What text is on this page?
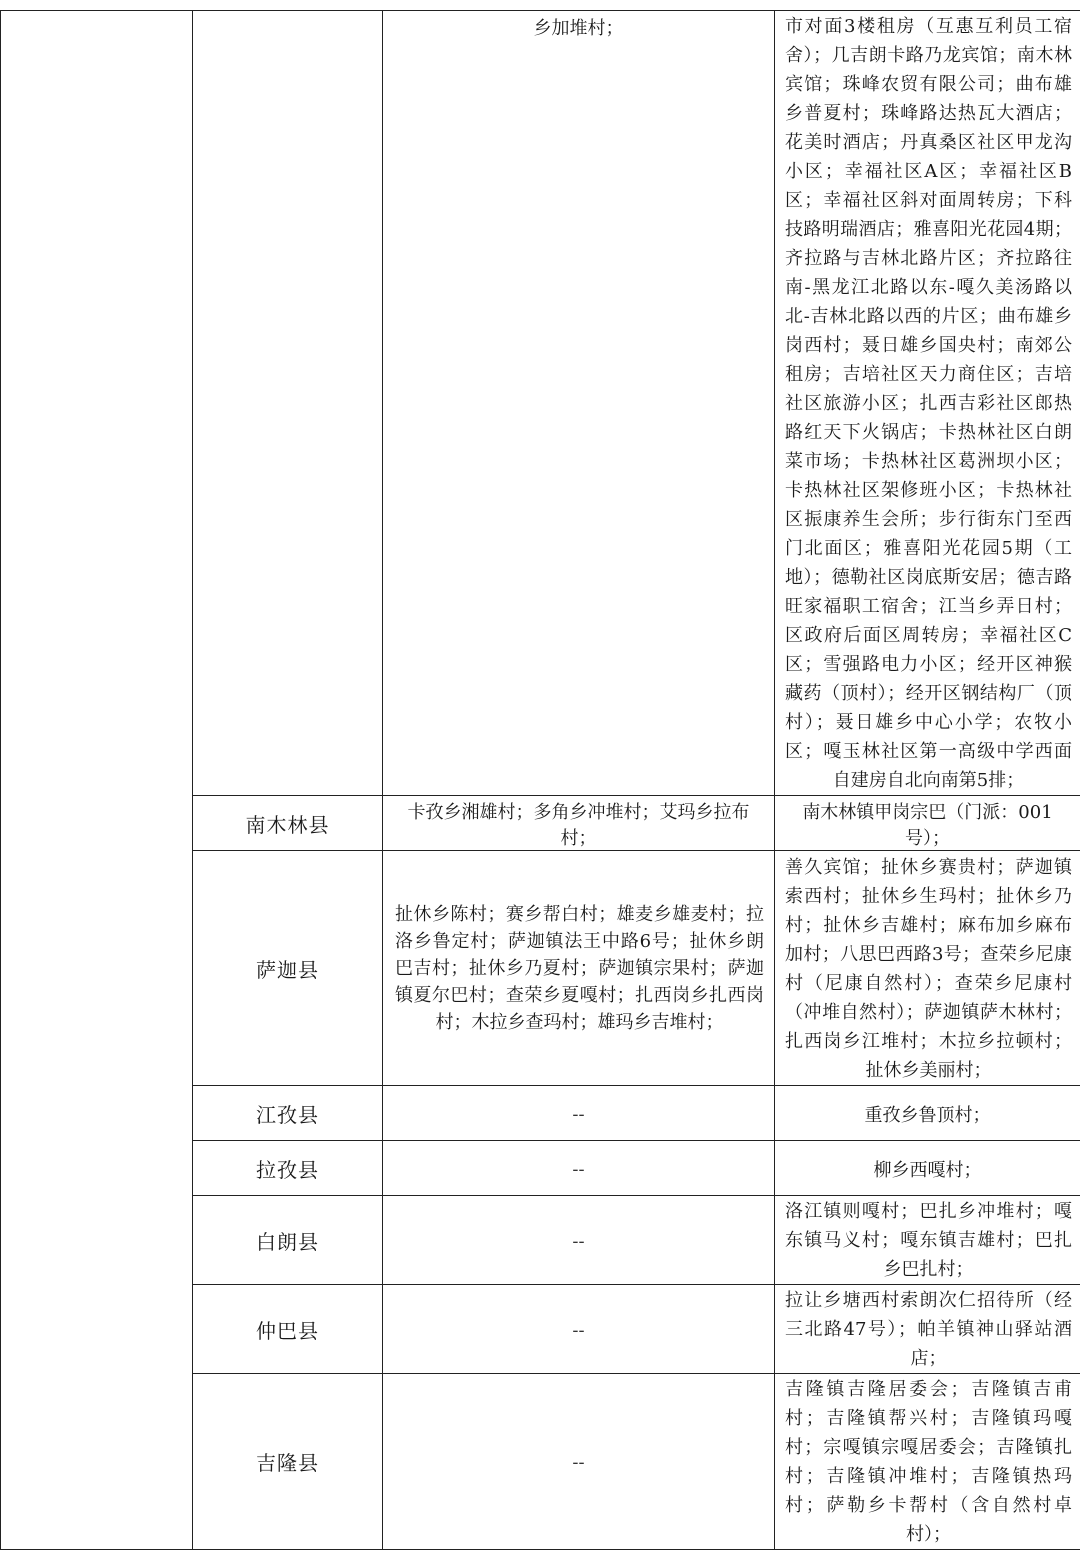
		乡加堆村；	市对面3楼租房（互惠互利员工宿舍）；几吉朗卡路乃龙宾馆；南木林宾馆；珠峰农贸有限公司；曲布雄乡普夏村；珠峰路达热瓦大酒店；花美时酒店；丹真桑区社区甲龙沟小区；幸福社区A区；幸福社区B区；幸福社区斜对面周转房；下科技路明瑞酒店；雅喜阳光花园4期；齐拉路与吉林北路片区；齐拉路往南-黑龙江北路以东-嘎久美汤路以北-吉林北路以西的片区；曲布雄乡岗西村；聂日雄乡国央村；南郊公租房；吉培社区天力商住区；吉培社区旅游小区；扎西吉彩社区郎热路红天下火锅店；卡热林社区白朗菜市场；卡热林社区葛洲坝小区；卡热林社区架修班小区；卡热林社区振康养生会所；步行街东门至西门北面区；雅喜阳光花园5期（工地）；德勒社区岗底斯安居；德吉路旺家福职工宿舍；江当乡弄日村；区政府后面区周转房；幸福社区C区；雪强路电力小区；经开区神猴藏药（顶村）；经开区钢结构厂（顶村）；聂日雄乡中心小学；农牧小区；嘎玉林社区第一高级中学西面自建房自北向南第5排；
	南木林县	卡孜乡湘雄村；多角乡冲堆村；艾玛乡拉布村；	南木林镇甲岗宗巴（门派：001号）；
	萨迦县	扯休乡陈村；赛乡帮白村；雄麦乡雄麦村；拉洛乡鲁定村；萨迦镇法王中路6号；扯休乡朗巴吉村；扯休乡乃夏村；萨迦镇宗果村；萨迦镇夏尔巴村；查荣乡夏嘎村；扎西岗乡扎西岗村；木拉乡查玛村；雄玛乡吉堆村；	善久宾馆；扯休乡赛贵村；萨迦镇索西村；扯休乡生玛村；扯休乡乃村；扯休乡吉雄村；麻布加乡麻布加村；八思巴西路3号；查荣乡尼康村（尼康自然村）；查荣乡尼康村（冲堆自然村）；萨迦镇萨木林村；扎西岗乡江堆村；木拉乡拉顿村；扯休乡美丽村；
	江孜县	--	重孜乡鲁顶村；
	拉孜县	--	柳乡西嘎村；
	白朗县	--	洛江镇则嘎村；巴扎乡冲堆村；嘎东镇马义村；嘎东镇吉雄村；巴扎乡巴扎村；
	仲巴县	--	拉让乡塘西村索朗次仁招待所（经三北路47号）；帕羊镇神山驿站酒店；
	吉隆县	--	吉隆镇吉隆居委会；吉隆镇吉甫村；吉隆镇帮兴村；吉隆镇玛嘎村；宗嘎镇宗嘎居委会；吉隆镇扎村；吉隆镇冲堆村；吉隆镇热玛村；萨勒乡卡帮村（含自然村卓村）；
